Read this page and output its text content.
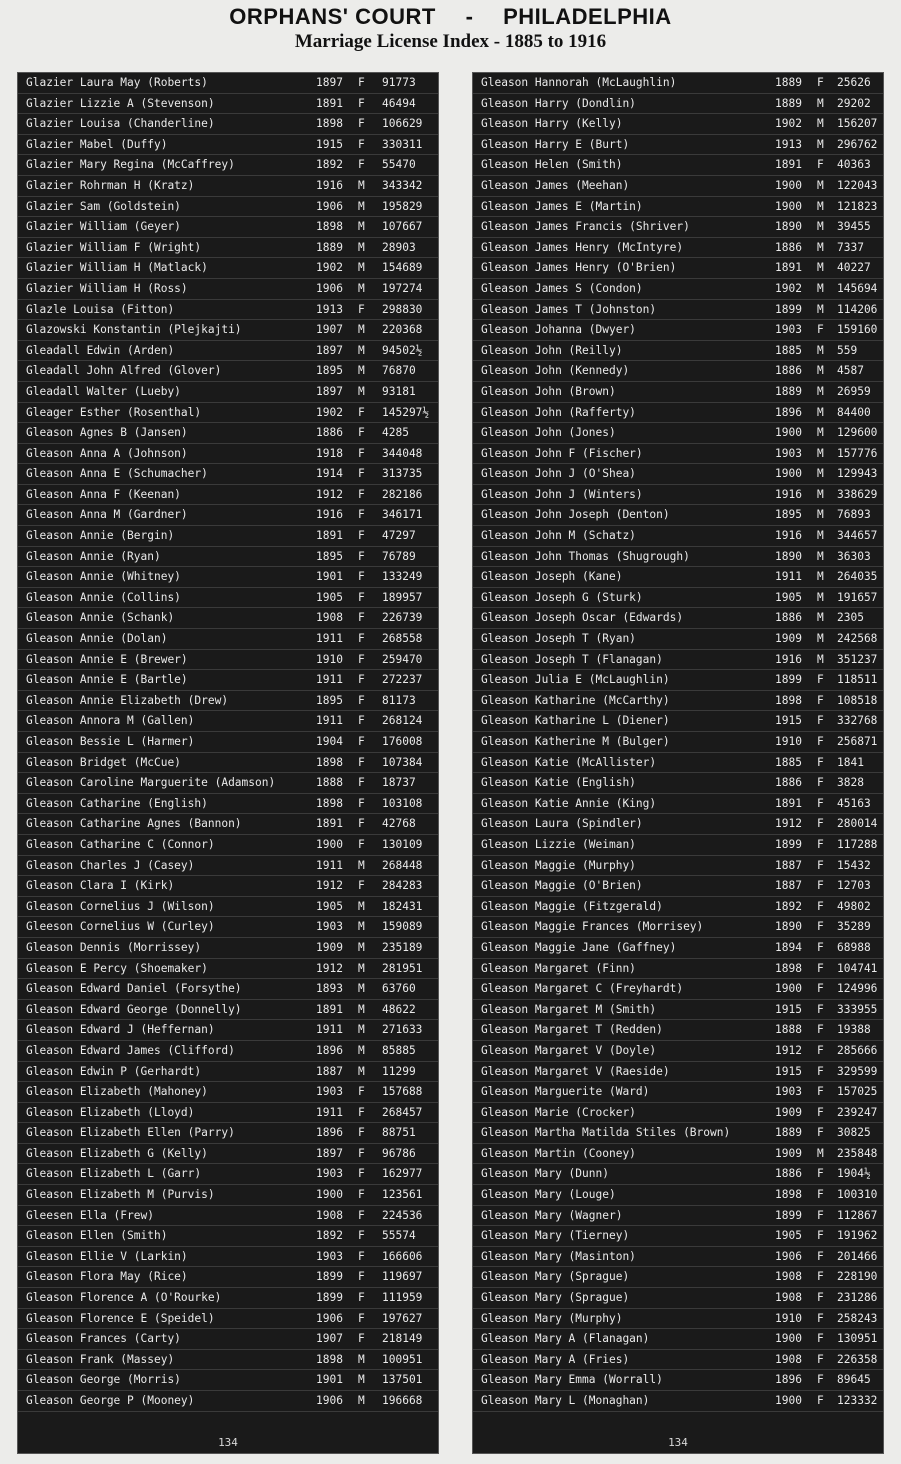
ORPHANS' COURT - PHILADELPHIA
Marriage License Index - 1885 to 1916
Glazier Laura May (Roberts)	1897 F 91773
Glazier Lizzie A (Stevenson)	1891 F 46494
Glazier Louisa (Chanderline)	1898 F 106629
Glazier Mabel (Duffy)	1915 F 330311
Glazier Mary Regina (McCaffrey)	1892 F 55470
Glazier Rohrman H (Kratz)	1916 M 343342
Glazier Sam (Goldstein)	1906 M 195829
Glazier William (Geyer)	1898 M 107667
Glazier William F (Wright)	1889 M 28903
Glazier William H (Matlack)	1902 M 154689
Glazier William H (Ross)	1906 M 197274
Glazle Louisa (Fitton)	1913 F 298830
Glazowski Konstantin (Plejkajti)	1907 M 220368
Gleadall Edwin (Arden)	1897 M 94502½
Gleadall John Alfred (Glover)	1895 M 76870
Gleadall Walter (Lueby)	1897 M 93181
Gleager Esther (Rosenthal)	1902 F 145297½
Gleason Agnes B (Jansen)	1886 F 4285
Gleason Anna A (Johnson)	1918 F 344048
Gleason Anna E (Schumacher)	1914 F 313735
Gleason Anna F (Keenan)	1912 F 282186
Gleason Anna M (Gardner)	1916 F 346171
Gleason Annie (Bergin)	1891 F 47297
Gleason Annie (Ryan)	1895 F 76789
Gleason Annie (Whitney)	1901 F 133249
Gleason Annie (Collins)	1905 F 189957
Gleason Annie (Schank)	1908 F 226739
Gleason Annie (Dolan)	1911 F 268558
Gleason Annie E (Brewer)	1910 F 259470
Gleason Annie E (Bartle)	1911 F 272237
Gleason Annie Elizabeth (Drew)	1895 F 81173
Gleason Annora M (Gallen)	1911 F 268124
Gleason Bessie L (Harmer)	1904 F 176008
Gleason Bridget (McCue)	1898 F 107384
Gleason Caroline Marguerite (Adamson)	1888 F 18737
Gleason Catharine (English)	1898 F 103108
Gleason Catharine Agnes (Bannon)	1891 F 42768
Gleason Catharine C (Connor)	1900 F 130109
Gleason Charles J (Casey)	1911 M 268448
Gleason Clara I (Kirk)	1912 F 284283
Gleason Cornelius J (Wilson)	1905 M 182431
Gleeson Cornelius W (Curley)	1903 M 159089
Gleason Dennis (Morrissey)	1909 M 235189
Gleason E Percy (Shoemaker)	1912 M 281951
Gleason Edward Daniel (Forsythe)	1893 M 63760
Gleason Edward George (Donnelly)	1891 M 48622
Gleason Edward J (Heffernan)	1911 M 271633
Gleason Edward James (Clifford)	1896 M 85885
Gleason Edwin P (Gerhardt)	1887 M 11299
Gleason Elizabeth (Mahoney)	1903 F 157688
Gleason Elizabeth (Lloyd)	1911 F 268457
Gleason Elizabeth Ellen (Parry)	1896 F 88751
Gleason Elizabeth G (Kelly)	1897 F 96786
Gleason Elizabeth L (Garr)	1903 F 162977
Gleason Elizabeth M (Purvis)	1900 F 123561
Gleesen Ella (Frew)	1908 F 224536
Gleason Ellen (Smith)	1892 F 55574
Gleason Ellie V (Larkin)	1903 F 166606
Gleason Flora May (Rice)	1899 F 119697
Gleason Florence A (O'Rourke)	1899 F 111959
Gleason Florence E (Speidel)	1906 F 197627
Gleason Frances (Carty)	1907 F 218149
Gleason Frank (Massey)	1898 M 100951
Gleason George (Morris)	1901 M 137501
Gleason George P (Mooney)	1906 M 196668
134
Gleason Hannorah (McLaughlin)	1889 F 25626
Gleason Harry (Dondlin)	1889 M 29202
Gleason Harry (Kelly)	1902 M 156207
Gleason Harry E (Burt)	1913 M 296762
Gleason Helen (Smith)	1891 F 40363
Gleason James (Meehan)	1900 M 122043
Gleason James E (Martin)	1900 M 121823
Gleason James Francis (Shriver)	1890 M 39455
Gleason James Henry (McIntyre)	1886 M 7337
Gleason James Henry (O'Brien)	1891 M 40227
Gleason James S (Condon)	1902 M 145694
Gleason James T (Johnston)	1899 M 114206
Gleason Johanna (Dwyer)	1903 F 159160
Gleason John (Reilly)	1885 M 559
Gleason John (Kennedy)	1886 M 4587
Gleason John (Brown)	1889 M 26959
Gleason John (Rafferty)	1896 M 84400
Gleason John (Jones)	1900 M 129600
Gleason John F (Fischer)	1903 M 157776
Gleason John J (O'Shea)	1900 M 129943
Gleason John J (Winters)	1916 M 338629
Gleason John Joseph (Denton)	1895 M 76893
Gleason John M (Schatz)	1916 M 344657
Gleason John Thomas (Shugrough)	1890 M 36303
Gleason Joseph (Kane)	1911 M 264035
Gleason Joseph G (Sturk)	1905 M 191657
Gleason Joseph Oscar (Edwards)	1886 M 2305
Gleason Joseph T (Ryan)	1909 M 242568
Gleason Joseph T (Flanagan)	1916 M 351237
Gleason Julia E (McLaughlin)	1899 F 118511
Gleason Katharine (McCarthy)	1898 F 108518
Gleason Katharine L (Diener)	1915 F 332768
Gleason Katherine M (Bulger)	1910 F 256871
Gleason Katie (McAllister)	1885 F 1841
Gleason Katie (English)	1886 F 3828
Gleason Katie Annie (King)	1891 F 45163
Gleason Laura (Spindler)	1912 F 280014
Gleason Lizzie (Weiman)	1899 F 117288
Gleason Maggie (Murphy)	1887 F 15432
Gleason Maggie (O'Brien)	1887 F 12703
Gleason Maggie (Fitzgerald)	1892 F 49802
Gleason Maggie Frances (Morrisey)	1890 F 35289
Gleason Maggie Jane (Gaffney)	1894 F 68988
Gleason Margaret (Finn)	1898 F 104741
Gleason Margaret C (Freyhardt)	1900 F 124996
Gleason Margaret M (Smith)	1915 F 333955
Gleason Margaret T (Redden)	1888 F 19388
Gleason Margaret V (Doyle)	1912 F 285666
Gleason Margaret V (Raeside)	1915 F 329599
Gleason Marguerite (Ward)	1903 F 157025
Gleason Marie (Crocker)	1909 F 239247
Gleason Martha Matilda Stiles (Brown)	1889 F 30825
Gleason Martin (Cooney)	1909 M 235848
Gleason Mary (Dunn)	1886 F 1904½
Gleason Mary (Louge)	1898 F 100310
Gleason Mary (Wagner)	1899 F 112867
Gleason Mary (Tierney)	1905 F 191962
Gleason Mary (Masinton)	1906 F 201466
Gleason Mary (Sprague)	1908 F 228190
Gleason Mary (Sprague)	1908 F 231286
Gleason Mary (Murphy)	1910 F 258243
Gleason Mary A (Flanagan)	1900 F 130951
Gleason Mary A (Fries)	1908 F 226358
Gleason Mary Emma (Worrall)	1896 F 89645
Gleason Mary L (Monaghan)	1900 F 123332
134
